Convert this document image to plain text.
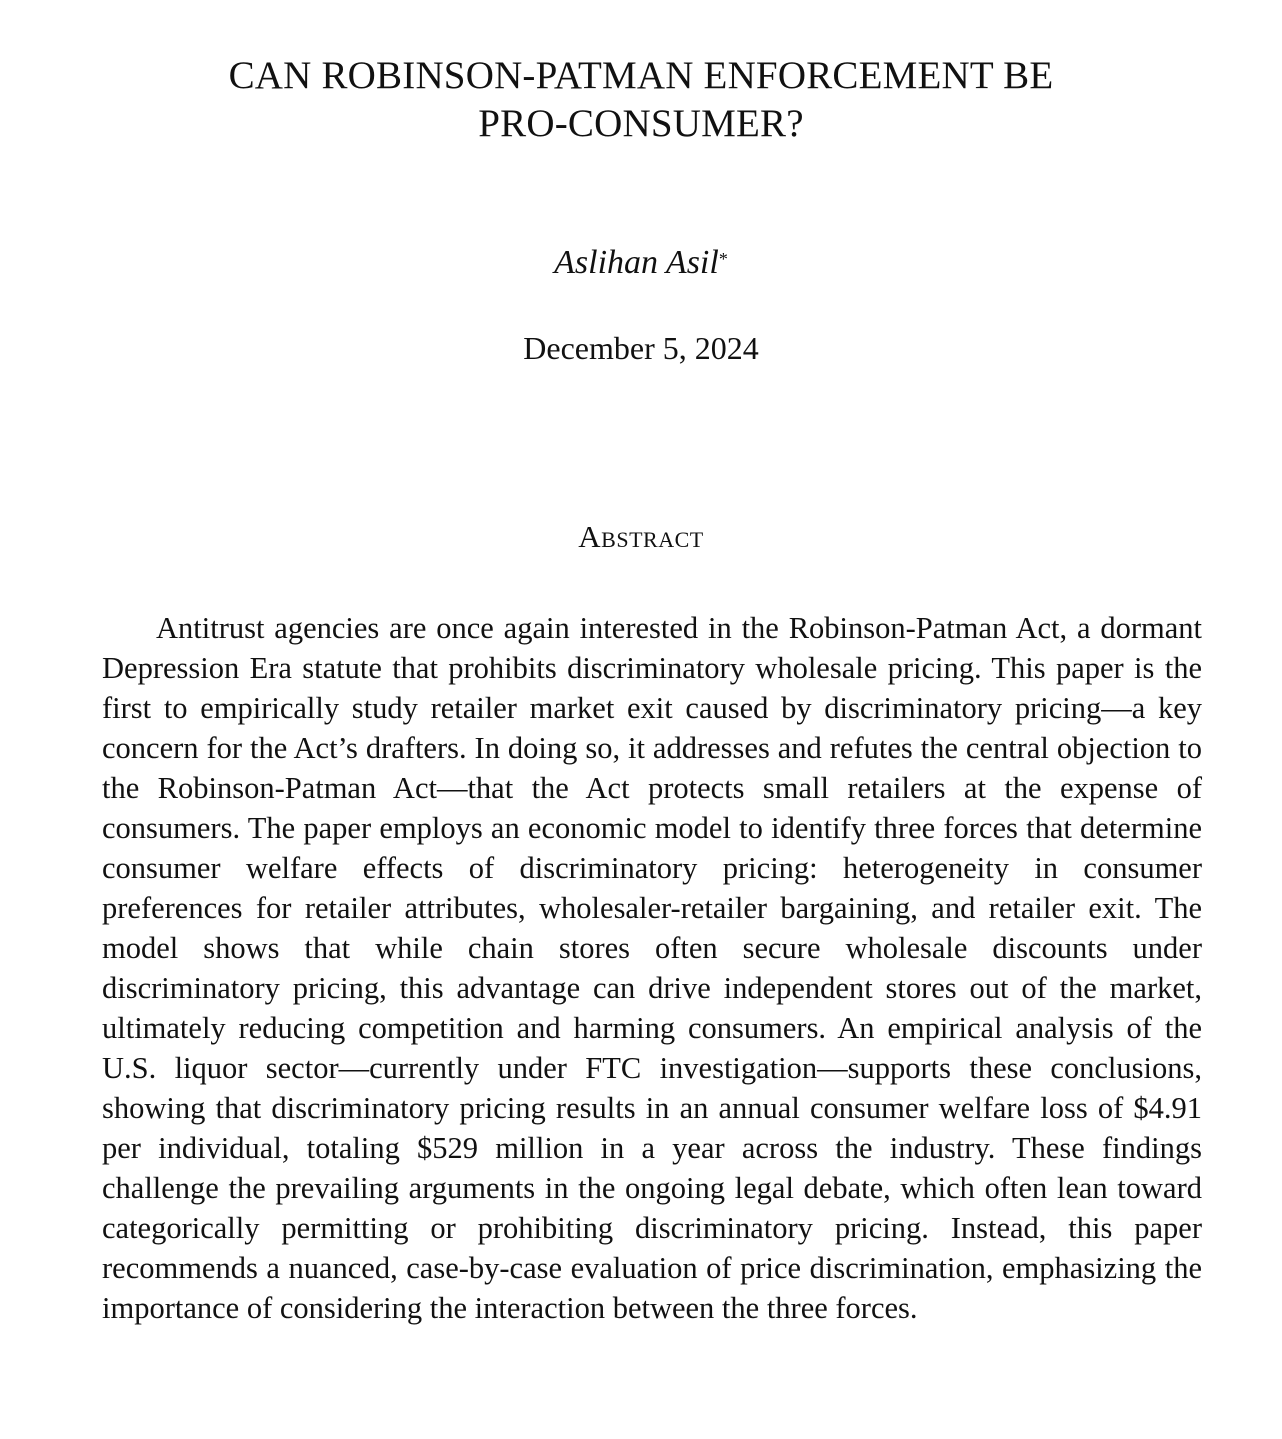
CAN ROBINSON-PATMAN ENFORCEMENT BE
PRO-CONSUMER?
Aslihan Asil*
December 5, 2024
Abstract

Antitrust agencies are once again interested in the Robinson-Patman Act, a dormant Depression Era statute that prohibits discriminatory wholesale pricing. This paper is the first to empirically study retailer market exit caused by discriminatory pricing—a key concern for the Act’s drafters. In doing so, it addresses and refutes the central objection to the Robinson-Patman Act—that the Act protects small retailers at the expense of consumers. The paper employs an economic model to identify three forces that determine consumer welfare effects of discriminatory pricing: heterogeneity in consumer preferences for retailer attributes, wholesaler-retailer bargaining, and retailer exit. The model shows that while chain stores often secure wholesale discounts under discriminatory pricing, this advantage can drive independent stores out of the market, ultimately reducing competition and harming consumers. An empirical analysis of the U.S. liquor sector—currently under FTC investigation—supports these conclusions, showing that discriminatory pricing results in an annual consumer welfare loss of $4.91 per individual, totaling $529 million in a year across the industry. These findings challenge the prevailing arguments in the ongoing legal debate, which often lean toward categorically permitting or prohibiting discriminatory pricing. Instead, this paper recommends a nuanced, case-by-case evaluation of price discrimination, emphasizing the importance of considering the interaction between the three forces.
